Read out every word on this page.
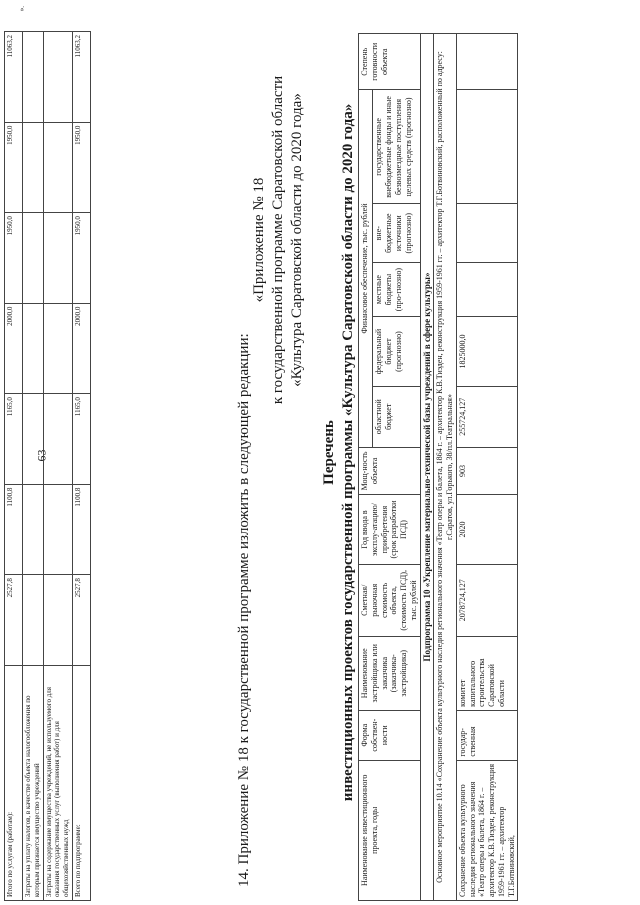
63
Итого по услугам (работам):	2527,8	1100,8	1165,0	2000,0	1950,0	1950,0	11063,2
Затраты на уплату налогов, в качестве объекта налогообложения по которым признается имущество учреждений							
Затраты на содержание имущества учреждений, не используемого для оказания государственных услуг (выполнения работ) и для общехозяйственных нужд							
Всего по подпрограмме:	2527,8	1100,8	1165,0	2000,0	1950,0	1950,0	11063,2
».
14. Приложение № 18 к государственной программе изложить в следующей редакции:
«Приложение № 18 к государственной программе Саратовской области «Культура Саратовской области до 2020 года»
Перечень инвестиционных проектов государственной программы «Культура Саратовской области до 2020 года»
Наименование инвестиционного проекта, годы	Форма собствен-ности	Наименование застройщика или заказчика (заказчика-застройщика)	Сметная/ рыночная стоимость объекта, (стоимость ПСД), тыс. рублей	Год ввода в эксплу-атацию/ приобретения (срок разработки ПСД)	Мощ-ность объекта	Финансовое обеспечение, тыс. рублей					Степень готовности объекта
						областной бюджет	федеральный бюджет (прогнозно)	местные бюджеты (про-гнозно)	вне-бюджетные источники (прогнозно)	государственные внебюджетные фонды и иные безвозмездные поступления целевых средств (прогнозно)	
Подпрограмма 10 «Укрепление материально-технической базы учреждений в сфере культуры»											
Основное мероприятие 10.14 «Сохранение объекта культурного наследия регионального значения «Театр оперы и балета, 1864 г. – архитектор К.В.Тиэден, реконструкция 1959-1961 гг. – архитектор Т.Г.Ботвиновский, расположенный по адресу: г.Саратов, ул.Горького, 38/пл.Театральная»											
Сохранение объекта культурного наследия регионального значения «Театр оперы и балета, 1864 г. – архитектор К.В.Тиэден, реконструкция 1959-1961 гг. – архитектор Т.Г.Ботвиновский,	государ-ственная	комитет капитального строительства Саратовской области	2078724,127	2020	903	255724,127	1825000,0				
